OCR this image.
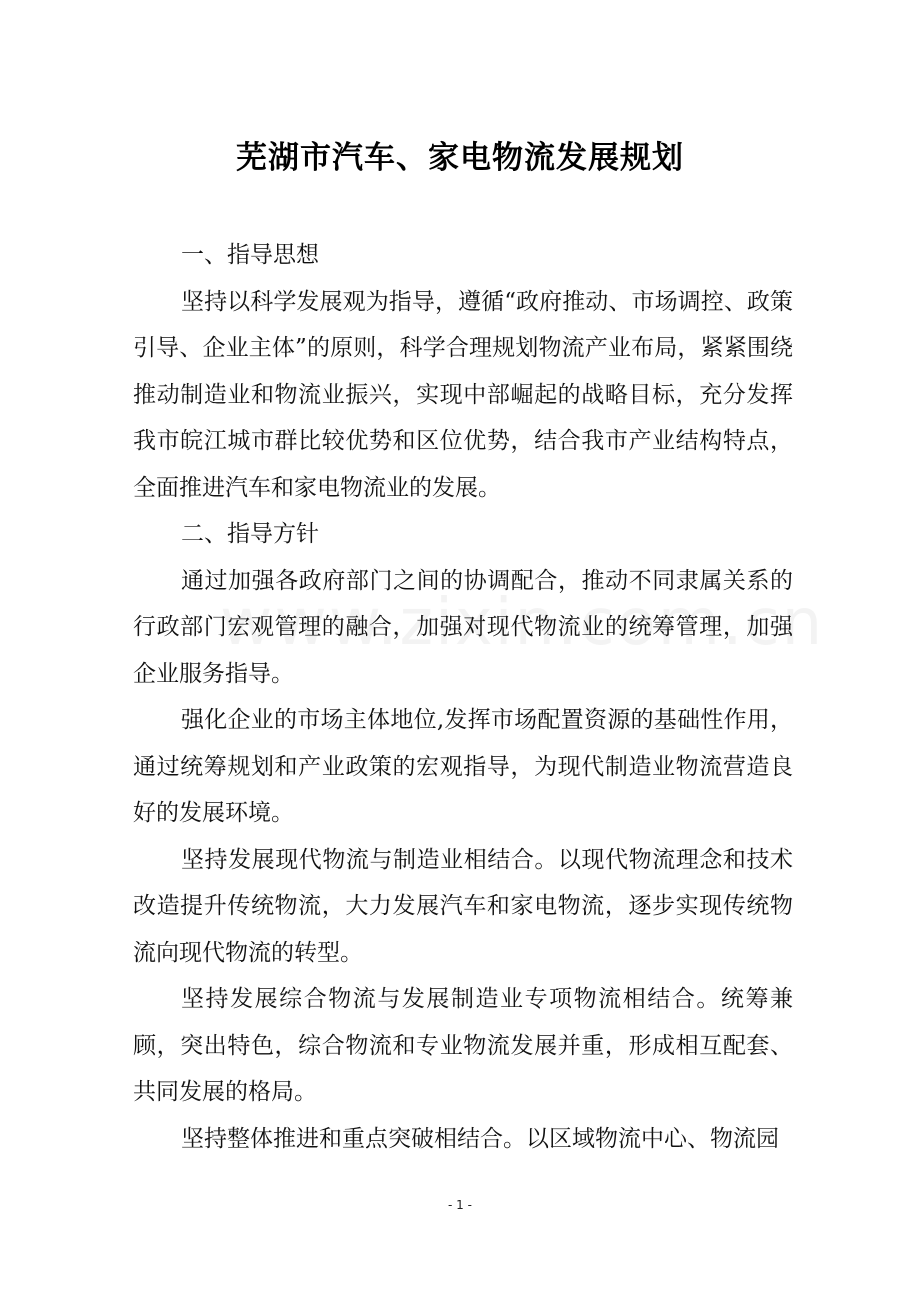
芜湖市汽车、家电物流发展规划

一、指导思想

坚持以科学发展观为指导，遵循“政府推动、市场调控、政策引导、企业主体”的原则，科学合理规划物流产业布局，紧紧围绕推动制造业和物流业振兴，实现中部崛起的战略目标，充分发挥我市皖江城市群比较优势和区位优势，结合我市产业结构特点，全面推进汽车和家电物流业的发展。

二、指导方针

通过加强各政府部门之间的协调配合，推动不同隶属关系的行政部门宏观管理的融合，加强对现代物流业的统筹管理，加强企业服务指导。

强化企业的市场主体地位,发挥市场配置资源的基础性作用，通过统筹规划和产业政策的宏观指导，为现代制造业物流营造良好的发展环境。

坚持发展现代物流与制造业相结合。以现代物流理念和技术改造提升传统物流，大力发展汽车和家电物流，逐步实现传统物流向现代物流的转型。

坚持发展综合物流与发展制造业专项物流相结合。统筹兼顾，突出特色，综合物流和专业物流发展并重，形成相互配套、共同发展的格局。

坚持整体推进和重点突破相结合。以区域物流中心、物流园

- 1 -
